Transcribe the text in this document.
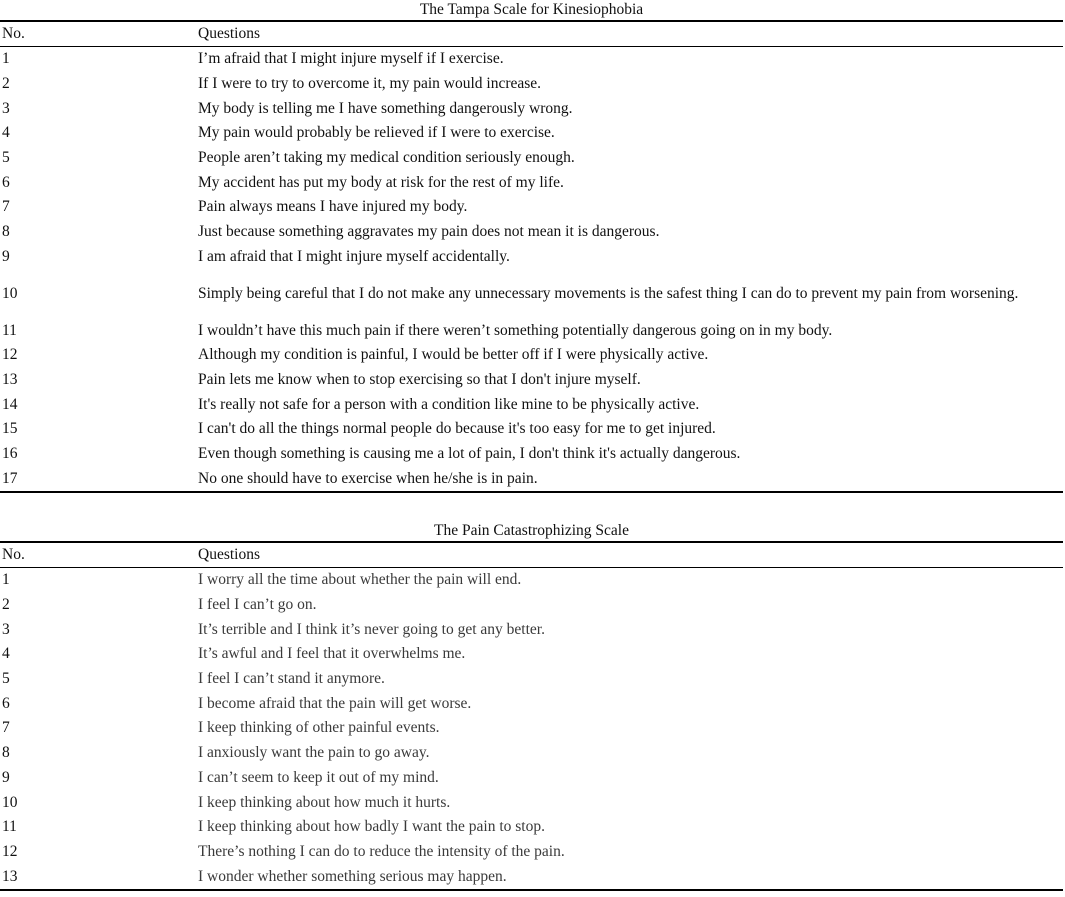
The Tampa Scale for Kinesiophobia
No.	Questions
1	I’m afraid that I might injure myself if I exercise.
2	If I were to try to overcome it, my pain would increase.
3	My body is telling me I have something dangerously wrong.
4	My pain would probably be relieved if I were to exercise.
5	People aren’t taking my medical condition seriously enough.
6	My accident has put my body at risk for the rest of my life.
7	Pain always means I have injured my body.
8	Just because something aggravates my pain does not mean it is dangerous.
9	I am afraid that I might injure myself accidentally.
10	Simply being careful that I do not make any unnecessary movements is the safest thing I can do to prevent my pain from worsening.
11	I wouldn’t have this much pain if there weren’t something potentially dangerous going on in my body.
12	Although my condition is painful, I would be better off if I were physically active.
13	Pain lets me know when to stop exercising so that I don't injure myself.
14	It's really not safe for a person with a condition like mine to be physically active.
15	I can't do all the things normal people do because it's too easy for me to get injured.
16	Even though something is causing me a lot of pain, I don't think it's actually dangerous.
17	No one should have to exercise when he/she is in pain.
The Pain Catastrophizing Scale
No.	Questions
1	I worry all the time about whether the pain will end.
2	I feel I can’t go on.
3	It’s terrible and I think it’s never going to get any better.
4	It’s awful and I feel that it overwhelms me.
5	I feel I can’t stand it anymore.
6	I become afraid that the pain will get worse.
7	I keep thinking of other painful events.
8	I anxiously want the pain to go away.
9	I can’t seem to keep it out of my mind.
10	I keep thinking about how much it hurts.
11	I keep thinking about how badly I want the pain to stop.
12	There’s nothing I can do to reduce the intensity of the pain.
13	I wonder whether something serious may happen.
